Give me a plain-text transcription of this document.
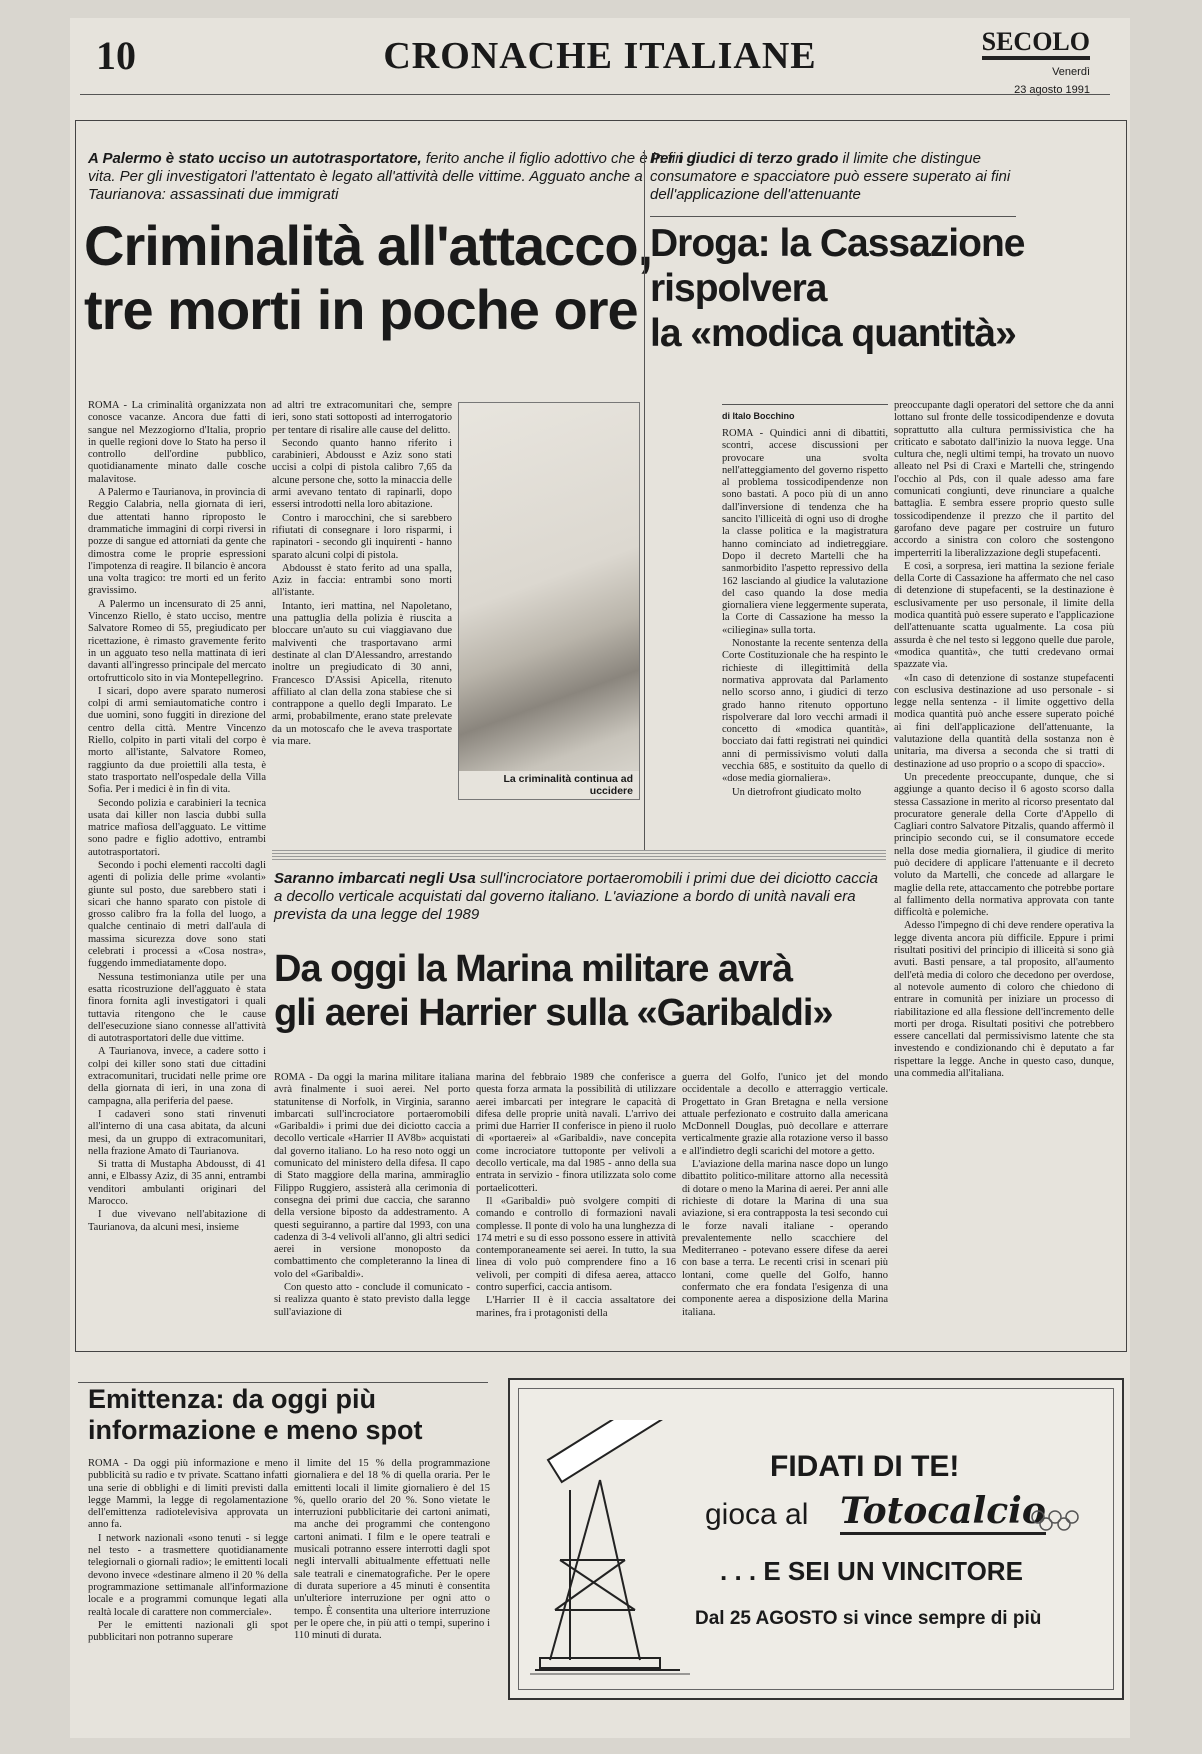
10	CRONACHE ITALIANE	SECOLO
Venerdì
23 agosto 1991
A Palermo è stato ucciso un autotrasportatore, ferito anche il figlio adottivo che è in fin di vita. Per gli investigatori l'attentato è legato all'attività delle vittime. Agguato anche a Taurianova: assassinati due immigrati
Criminalità all'attacco,
tre morti in poche ore

ROMA - La criminalità organizzata non conosce vacanze. Ancora due fatti di sangue nel Mezzogiorno d'Italia, proprio in quelle regioni dove lo Stato ha perso il controllo dell'ordine pubblico, quotidianamente minato dalle cosche malavitose.

A Palermo e Taurianova, in provincia di Reggio Calabria, nella giornata di ieri, due attentati hanno riproposto le drammatiche immagini di corpi riversi in pozze di sangue ed attorniati da gente che dimostra come le proprie espressioni l'impotenza di reagire. Il bilancio è ancora una volta tragico: tre morti ed un ferito gravissimo.

A Palermo un incensurato di 25 anni, Vincenzo Riello, è stato ucciso, mentre Salvatore Romeo di 55, pregiudicato per ricettazione, è rimasto gravemente ferito in un agguato teso nella mattinata di ieri davanti all'ingresso principale del mercato ortofrutticolo sito in via Montepellegrino.

I sicari, dopo avere sparato numerosi colpi di armi semiautomatiche contro i due uomini, sono fuggiti in direzione del centro della città. Mentre Vincenzo Riello, colpito in parti vitali del corpo è morto all'istante, Salvatore Romeo, raggiunto da due proiettili alla testa, è stato trasportato nell'ospedale della Villa Sofia. Per i medici è in fin di vita.

Secondo polizia e carabinieri la tecnica usata dai killer non lascia dubbi sulla matrice mafiosa dell'agguato. Le vittime sono padre e figlio adottivo, entrambi autotrasportatori.

Secondo i pochi elementi raccolti dagli agenti di polizia delle prime «volanti» giunte sul posto, due sarebbero stati i sicari che hanno sparato con pistole di grosso calibro fra la folla del luogo, a qualche centinaio di metri dall'aula di massima sicurezza dove sono stati celebrati i processi a «Cosa nostra», fuggendo immediatamente dopo.

Nessuna testimonianza utile per una esatta ricostruzione dell'agguato è stata finora fornita agli investigatori i quali tuttavia ritengono che le cause dell'esecuzione siano connesse all'attività di autotrasportatori delle due vittime.

A Taurianova, invece, a cadere sotto i colpi dei killer sono stati due cittadini extracomunitari, trucidati nelle prime ore della giornata di ieri, in una zona di campagna, alla periferia del paese.

I cadaveri sono stati rinvenuti all'interno di una casa abitata, da alcuni mesi, da un gruppo di extracomunitari, nella frazione Amato di Taurianova.

Si tratta di Mustapha Abdousst, di 41 anni, e Elbassy Aziz, di 35 anni, entrambi venditori ambulanti originari del Marocco.

I due vivevano nell'abitazione di Taurianova, da alcuni mesi, insieme

ad altri tre extracomunitari che, sempre ieri, sono stati sottoposti ad interrogatorio per tentare di risalire alle cause del delitto.

Secondo quanto hanno riferito i carabinieri, Abdousst e Aziz sono stati uccisi a colpi di pistola calibro 7,65 da alcune persone che, sotto la minaccia delle armi avevano tentato di rapinarli, dopo essersi introdotti nella loro abitazione.

Contro i marocchini, che si sarebbero rifiutati di consegnare i loro risparmi, i rapinatori - secondo gli inquirenti - hanno sparato alcuni colpi di pistola.

Abdousst è stato ferito ad una spalla, Aziz in faccia: entrambi sono morti all'istante.

Intanto, ieri mattina, nel Napoletano, una pattuglia della polizia è riuscita a bloccare un'auto su cui viaggiavano due malviventi che trasportavano armi destinate al clan D'Alessandro, arrestando inoltre un pregiudicato di 30 anni, Francesco D'Assisi Apicella, ritenuto affiliato al clan della zona stabiese che si contrappone a quello degli Imparato. Le armi, probabilmente, erano state prelevate da un motoscafo che le aveva trasportate via mare.

La criminalità continua ad uccidere
Per i giudici di terzo grado il limite che distingue consumatore e spacciatore può essere superato ai fini dell'applicazione dell'attenuante
Droga: la Cassazione
rispolvera
la «modica quantità»
di Italo Bocchino

ROMA - Quindici anni di dibattiti, scontri, accese discussioni per provocare una svolta nell'atteggiamento del governo rispetto al problema tossicodipendenze non sono bastati. A poco più di un anno dall'inversione di tendenza che ha sancito l'illiceità di ogni uso di droghe la classe politica e la magistratura hanno cominciato ad indietreggiare. Dopo il decreto Martelli che ha sanmorbidito l'aspetto repressivo della 162 lasciando al giudice la valutazione del caso quando la dose media giornaliera viene leggermente superata, la Corte di Cassazione ha messo la «ciliegina» sulla torta.

Nonostante la recente sentenza della Corte Costituzionale che ha respinto le richieste di illegittimità della normativa approvata dal Parlamento nello scorso anno, i giudici di terzo grado hanno ritenuto opportuno rispolverare dal loro vecchi armadi il concetto di «modica quantità», bocciato dai fatti registrati nei quindici anni di permissivismo voluti dalla vecchia 685, e sostituito da quello di «dose media giornaliera».

Un dietrofront giudicato molto

preoccupante dagli operatori del settore che da anni lottano sul fronte delle tossicodipendenze e dovuta soprattutto alla cultura permissivistica che ha criticato e sabotato dall'inizio la nuova legge. Una cultura che, negli ultimi tempi, ha trovato un nuovo alleato nel Psi di Craxi e Martelli che, stringendo l'occhio al Pds, con il quale adesso ama fare comunicati congiunti, deve rinunciare a qualche battaglia. E sembra essere proprio questo sulle tossicodipendenze il prezzo che il partito del garofano deve pagare per costruire un futuro accordo a sinistra con coloro che sostengono imperterriti la liberalizzazione degli stupefacenti.

E così, a sorpresa, ieri mattina la sezione feriale della Corte di Cassazione ha affermato che nel caso di detenzione di stupefacenti, se la destinazione è esclusivamente per uso personale, il limite della modica quantità può essere superato e l'applicazione dell'attenuante scatta ugualmente. La cosa più assurda è che nel testo si leggono quelle due parole, «modica quantità», che tutti credevano ormai spazzate via.

«In caso di detenzione di sostanze stupefacenti con esclusiva destinazione ad uso personale - si legge nella sentenza - il limite oggettivo della modica quantità può anche essere superato poiché ai fini dell'applicazione dell'attenuante, la valutazione della quantità della sostanza non è unitaria, ma diversa a seconda che si tratti di destinazione ad uso proprio o a scopo di spaccio».

Un precedente preoccupante, dunque, che si aggiunge a quanto deciso il 6 agosto scorso dalla stessa Cassazione in merito al ricorso presentato dal procuratore generale della Corte d'Appello di Cagliari contro Salvatore Pitzalis, quando affermò il principio secondo cui, se il consumatore eccede nella dose media giornaliera, il giudice di merito può decidere di applicare l'attenuante e il decreto voluto da Martelli, che concede ad allargare le maglie della rete, attaccamento che potrebbe portare al fallimento della normativa approvata con tante difficoltà e polemiche.

Adesso l'impegno di chi deve rendere operativa la legge diventa ancora più difficile. Eppure i primi risultati positivi del principio di illiceità si sono già avuti. Basti pensare, a tal proposito, all'aumento dell'età media di coloro che decedono per overdose, al notevole aumento di coloro che chiedono di entrare in comunità per iniziare un processo di riabilitazione ed alla flessione dell'incremento delle morti per droga. Risultati positivi che potrebbero essere cancellati dal permissivismo latente che sta investendo e condizionando chi è deputato a far rispettare la legge. Anche in questo caso, dunque, una commedia all'italiana.

Saranno imbarcati negli Usa sull'incrociatore portaeromobili i primi due dei diciotto caccia a decollo verticale acquistati dal governo italiano. L'aviazione a bordo di unità navali era prevista da una legge del 1989
Da oggi la Marina militare avrà
gli aerei Harrier sulla «Garibaldi»

ROMA - Da oggi la marina militare italiana avrà finalmente i suoi aerei. Nel porto statunitense di Norfolk, in Virginia, saranno imbarcati sull'incrociatore portaeromobili «Garibaldi» i primi due dei diciotto caccia a decollo verticale «Harrier II AV8b» acquistati dal governo italiano. Lo ha reso noto oggi un comunicato del ministero della difesa. Il capo di Stato maggiore della marina, ammiraglio Filippo Ruggiero, assisterà alla cerimonia di consegna dei primi due caccia, che saranno della versione biposto da addestramento. A questi seguiranno, a partire dal 1993, con una cadenza di 3-4 velivoli all'anno, gli altri sedici aerei in versione monoposto da combattimento che completeranno la linea di volo del «Garibaldi».

Con questo atto - conclude il comunicato - si realizza quanto è stato previsto dalla legge sull'aviazione di

marina del febbraio 1989 che conferisce a questa forza armata la possibilità di utilizzare aerei imbarcati per integrare le capacità di difesa delle proprie unità navali. L'arrivo dei primi due Harrier II conferisce in pieno il ruolo di «portaerei» al «Garibaldi», nave concepita come incrociatore tuttoponte per velivoli a decollo verticale, ma dal 1985 - anno della sua entrata in servizio - finora utilizzata solo come portaelicotteri.

Il «Garibaldi» può svolgere compiti di comando e controllo di formazioni navali complesse. Il ponte di volo ha una lunghezza di 174 metri e su di esso possono essere in attività contemporaneamente sei aerei. In tutto, la sua linea di volo può comprendere fino a 16 velivoli, per compiti di difesa aerea, attacco contro superfici, caccia antisom.

L'Harrier II è il caccia assaltatore dei marines, fra i protagonisti della

guerra del Golfo, l'unico jet del mondo occidentale a decollo e atterraggio verticale. Progettato in Gran Bretagna e nella versione attuale perfezionato e costruito dalla americana McDonnell Douglas, può decollare e atterrare verticalmente grazie alla rotazione verso il basso e all'indietro degli scarichi del motore a getto.

L'aviazione della marina nasce dopo un lungo dibattito politico-militare attorno alla necessità di dotare o meno la Marina di aerei. Per anni alle richieste di dotare la Marina di una sua aviazione, si era contrapposta la tesi secondo cui le forze navali italiane - operando prevalentemente nello scacchiere del Mediterraneo - potevano essere difese da aerei con base a terra. Le recenti crisi in scenari più lontani, come quelle del Golfo, hanno confermato che era fondata l'esigenza di una componente aerea a disposizione della Marina italiana.

Emittenza: da oggi più
informazione e meno spot

ROMA - Da oggi più informazione e meno pubblicità su radio e tv private. Scattano infatti una serie di obblighi e di limiti previsti dalla legge Mammì, la legge di regolamentazione dell'emittenza radiotelevisiva approvata un anno fa.

I network nazionali «sono tenuti - si legge nel testo - a trasmettere quotidianamente telegiornali o giornali radio»; le emittenti locali devono invece «destinare almeno il 20 % della programmazione settimanale all'informazione locale e a programmi comunque legati alla realtà locale di carattere non commerciale».

Per le emittenti nazionali gli spot pubblicitari non potranno superare

il limite del 15 % della programmazione giornaliera e del 18 % di quella oraria. Per le emittenti locali il limite giornaliero è del 15 %, quello orario del 20 %. Sono vietate le interruzioni pubblicitarie dei cartoni animati, ma anche dei programmi che contengono cartoni animati. I film e le opere teatrali e musicali potranno essere interrotti dagli spot negli intervalli abitualmente effettuati nelle sale teatrali e cinematografiche. Per le opere di durata superiore a 45 minuti è consentita un'ulteriore interruzione per ogni atto o tempo. È consentita una ulteriore interruzione per le opere che, in più atti o tempi, superino i 110 minuti di durata.

FIDATI DI TE!
gioca al Totocalcio
. . . E SEI UN VINCITORE
Dal 25 AGOSTO si vince sempre di più
